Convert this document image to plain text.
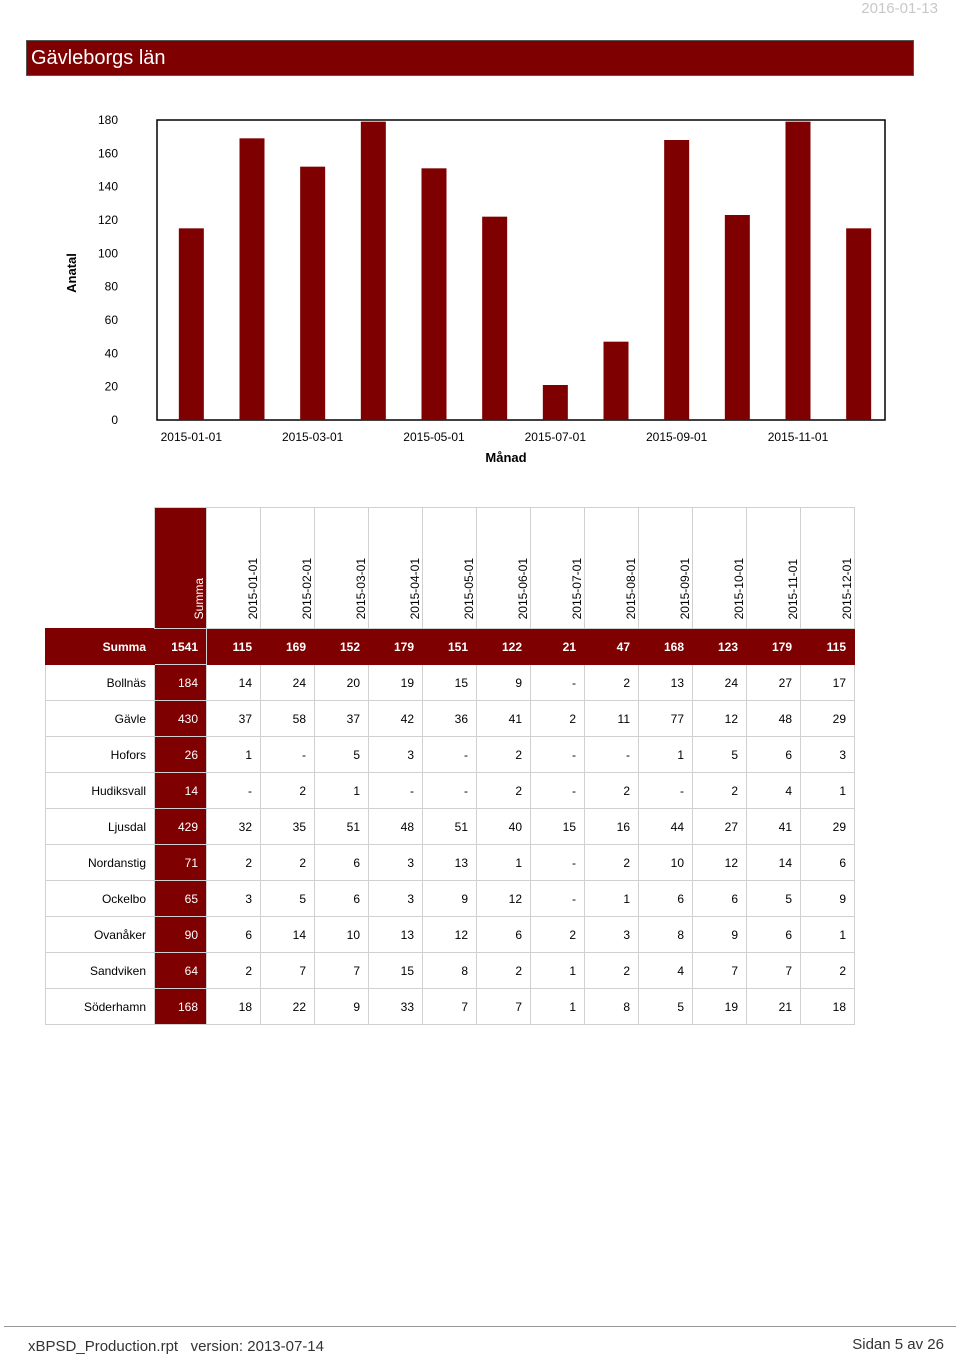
2016-01-13
Gävleborgs län
0
20
40
60
80
100
120
140
160
180
2015-01-01	2015-03-01	2015-05-01	2015-07-01	2015-09-01	2015-11-01
Månad
Anatal
	Summa	2015-01-01	2015-02-01	2015-03-01	2015-04-01	2015-05-01	2015-06-01	2015-07-01	2015-08-01	2015-09-01	2015-10-01	2015-11-01	2015-12-01
Summa	1541	115	169	152	179	151	122	21	47	168	123	179	115
Bollnäs	184	14	24	20	19	15	9	-	2	13	24	27	17
Gävle	430	37	58	37	42	36	41	2	11	77	12	48	29
Hofors	26	1	-	5	3	-	2	-	-	1	5	6	3
Hudiksvall	14	-	2	1	-	-	2	-	2	-	2	4	1
Ljusdal	429	32	35	51	48	51	40	15	16	44	27	41	29
Nordanstig	71	2	2	6	3	13	1	-	2	10	12	14	6
Ockelbo	65	3	5	6	3	9	12	-	1	6	6	5	9
Ovanåker	90	6	14	10	13	12	6	2	3	8	9	6	1
Sandviken	64	2	7	7	15	8	2	1	2	4	7	7	2
Söderhamn	168	18	22	9	33	7	7	1	8	5	19	21	18
xBPSD_Production.rpt   version: 2013-07-14	Sidan 5 av 26
